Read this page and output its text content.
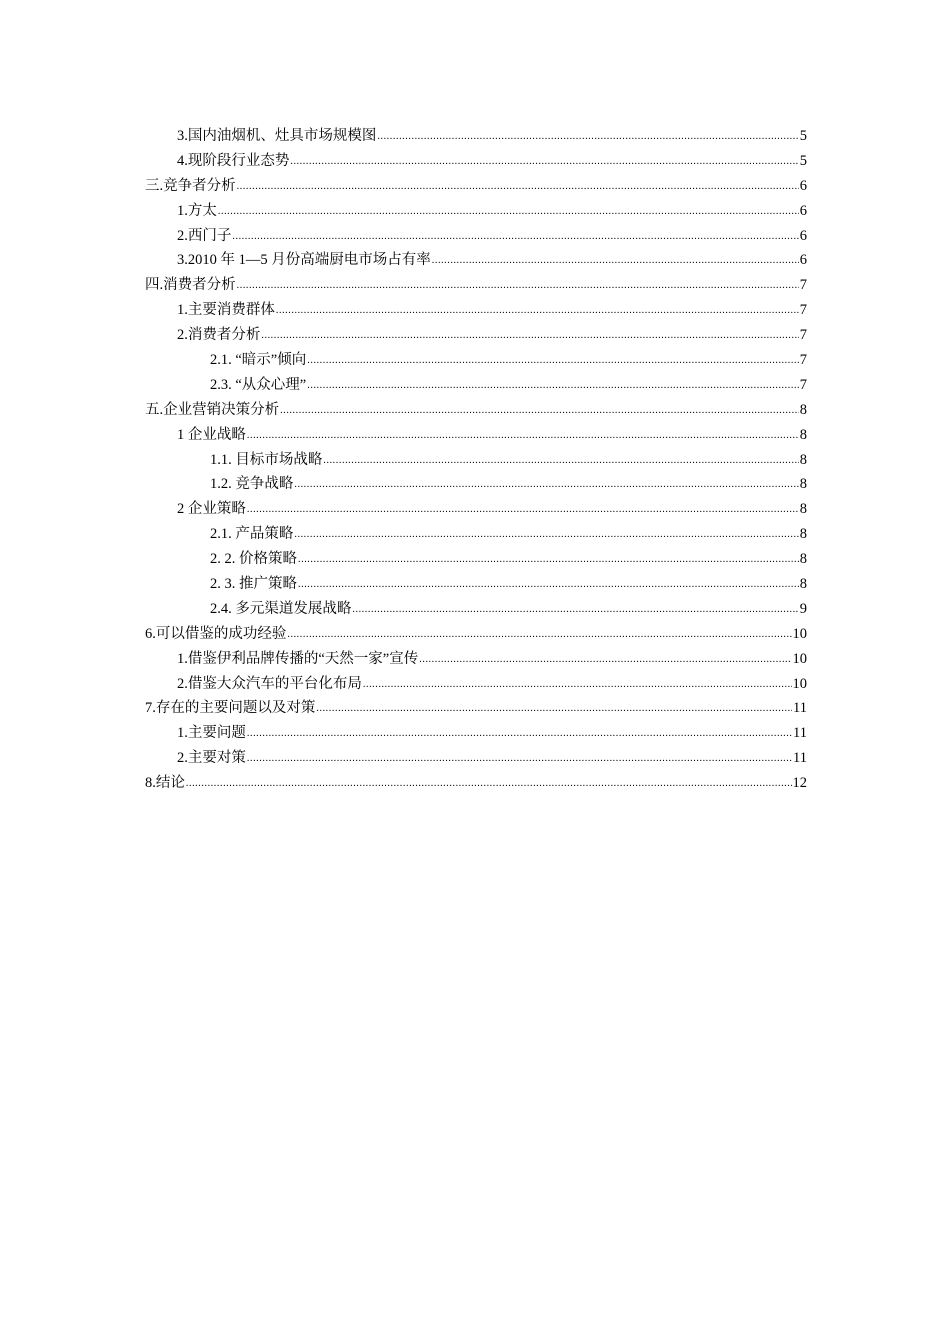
3.国内油烟机、灶具市场规模图 .....	5
4.现阶段行业态势 .....	5
三.竞争者分析 .....	6
1.方太 .....	6
2.西门子 .....	6
3.2010 年 1—5 月份高端厨电市场占有率 .....	6
四.消费者分析 .....	7
1.主要消费群体 .....	7
2.消费者分析 .....	7
2.1. “暗示”倾向 .....	7
2.3. “从众心理” .....	7
五.企业营销决策分析 .....	8
1 企业战略 .....	8
1.1. 目标市场战略 .....	8
1.2. 竞争战略 .....	8
2 企业策略 .....	8
2.1. 产品策略 .....	8
2. 2. 价格策略 .....	8
2. 3. 推广策略 .....	8
2.4. 多元渠道发展战略 .....	9
6.可以借鉴的成功经验 .....	10
1.借鉴伊利品牌传播的“天然一家”宣传 .....	10
2.借鉴大众汽车的平台化布局 .....	10
7.存在的主要问题以及对策 .....	11
1.主要问题 .....	11
2.主要对策 .....	11
8.结论 .....	12
